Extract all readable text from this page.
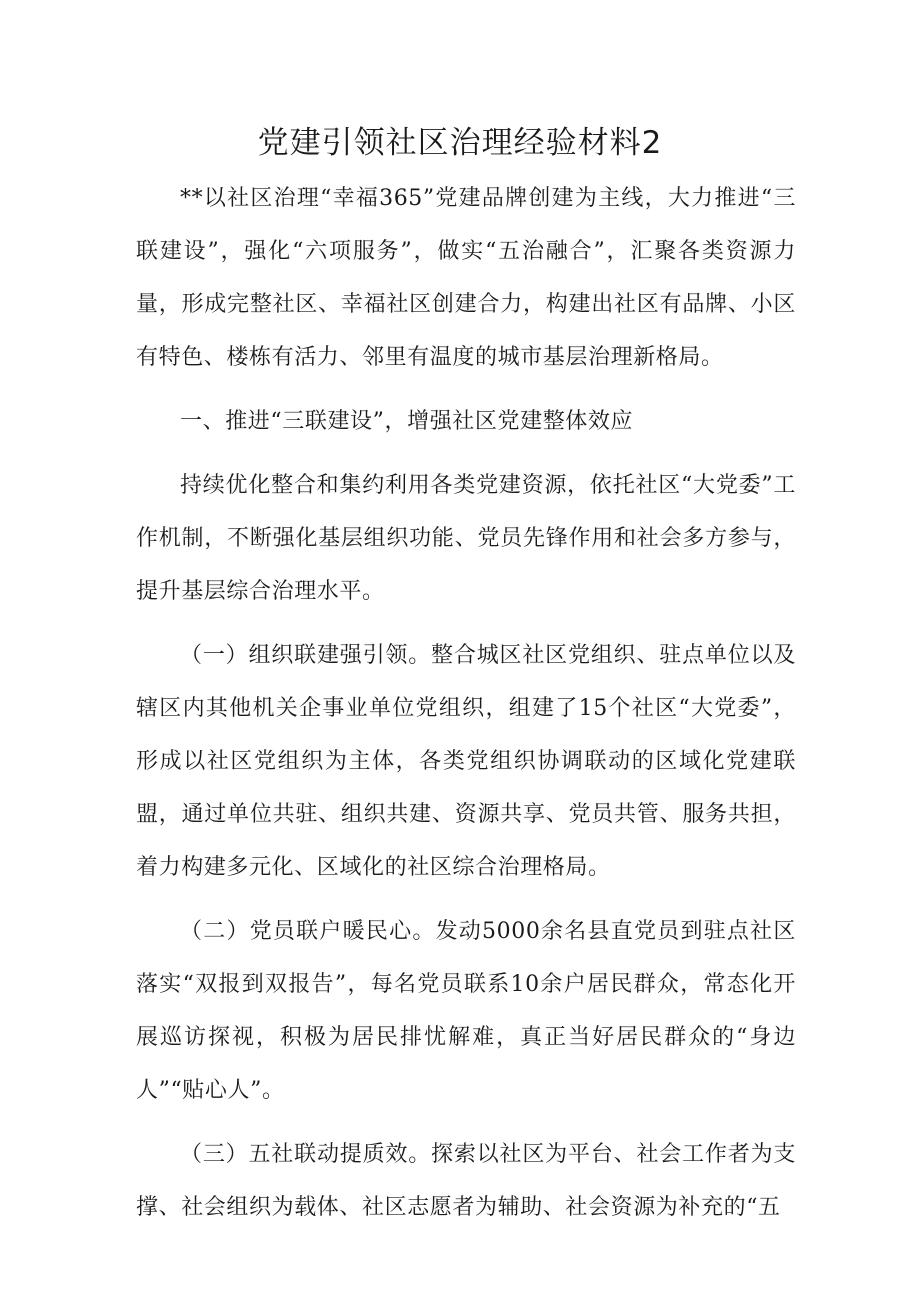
党建引领社区治理经验材料2

**以社区治理“幸福365”党建品牌创建为主线，大力推进“三联建设”，强化“六项服务”，做实“五治融合”，汇聚各类资源力量，形成完整社区、幸福社区创建合力，构建出社区有品牌、小区有特色、楼栋有活力、邻里有温度的城市基层治理新格局。

一、推进“三联建设”，增强社区党建整体效应

持续优化整合和集约利用各类党建资源，依托社区“大党委”工作机制，不断强化基层组织功能、党员先锋作用和社会多方参与，提升基层综合治理水平。

（一）组织联建强引领。整合城区社区党组织、驻点单位以及辖区内其他机关企事业单位党组织，组建了15个社区“大党委”，形成以社区党组织为主体，各类党组织协调联动的区域化党建联盟，通过单位共驻、组织共建、资源共享、党员共管、服务共担，着力构建多元化、区域化的社区综合治理格局。

（二）党员联户暖民心。发动5000余名县直党员到驻点社区落实“双报到双报告”，每名党员联系10余户居民群众，常态化开展巡访探视，积极为居民排忧解难，真正当好居民群众的“身边人”“贴心人”。

（三）五社联动提质效。探索以社区为平台、社会工作者为支撑、社会组织为载体、社区志愿者为辅助、社会资源为补充的“五
